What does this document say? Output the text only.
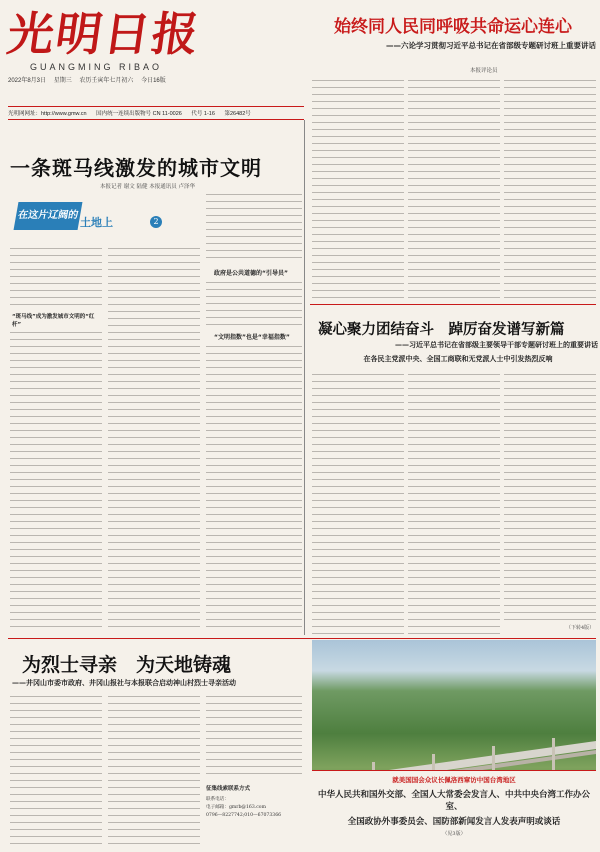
光明日报
GUANGMING RIBAO
2022年8月3日 星期三 农历壬寅年七月初六 今日16版
光明网网址：http://www.gmw.cn 国内统一连续出版物号 CN 11-0026 代号 1-16 第26482号
一条斑马线激发的城市文明
本报记者 谢文 陆健 本报通讯员 卢泽华
在这片辽阔的
土地上	2
“斑马线”成为激发城市文明的“红杆”
政府是公共道德的“引导员”
“文明指数”也是“幸福指数”
始终同人民同呼吸共命运心连心
——六论学习贯彻习近平总书记在省部级专题研讨班上重要讲话
本报评论员
凝心聚力团结奋斗　踔厉奋发谱写新篇
——习近平总书记在省部级主要领导干部专题研讨班上的重要讲话
在各民主党派中央、全国工商联和无党派人士中引发热烈反响
（下转4版）
为烈士寻亲　为天地铸魂
——井冈山市委市政府、井冈山报社与本报联合启动神山村烈士寻亲活动
征集线索联系方式
联系电话：
电子邮箱：gmrb@163.com
0796—8227742;010—67073366
就美国国会众议长佩洛西窜访中国台湾地区
中华人民共和国外交部、全国人大常委会发言人、中共中央台湾工作办公室、
全国政协外事委员会、国防部新闻发言人发表声明或谈话
（见3版）
